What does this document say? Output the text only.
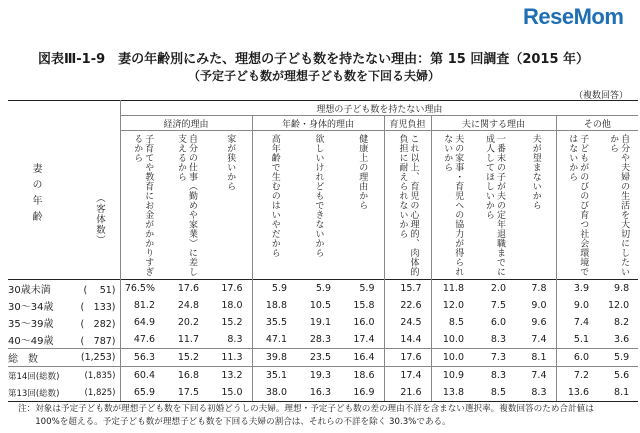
ReseMom
図表Ⅲ-1-9　妻の年齢別にみた、理想の子ども数を持たない理由：第 15 回調査（2015 年）
（予定子ども数が理想子ども数を下回る夫婦）
（複数回答）
妻の年齢 （客体数）		理想の子ども数を持たない理由											
		経済的理由			年齢・身体的理由			育児負担	夫に関する理由			その他	

		子育てや教育にお金がかかりすぎるから	自分の仕事（勤めや家業）に差し支えるから	家が狭いから	高年齢で生むのはいやだから	欲しいけれどもできないから	健康上の理由から	これ以上、育児の心理的、肉体的負担に耐えられないから	夫の家事・育児への協力が得られないから	一番末の子が夫の定年退職までに成人してほしいから	夫が望まないから	子どもがのびのび育つ社会環境ではないから	自分や夫婦の生活を大切にしたいから

30歳未満	(　 51)	76.5%	17.6	17.6	5.9	5.9	5.9	15.7	11.8	2.0	7.8	3.9	9.8
30～34歳	(　133)	81.2	24.8	18.0	18.8	10.5	15.8	22.6	12.0	7.5	9.0	9.0	12.0
35～39歳	(　282)	64.9	20.2	15.2	35.5	19.1	16.0	24.5	8.5	6.0	9.6	7.4	8.2
40～49歳	(　787)	47.6	11.7	8.3	47.1	28.3	17.4	14.4	10.0	8.3	7.4	5.1	3.6
総　数	(1,253)	56.3	15.2	11.3	39.8	23.5	16.4	17.6	10.0	7.3	8.1	6.0	5.9
第14回(総数)	(1,835)	60.4	16.8	13.2	35.1	19.3	18.6	17.4	10.9	8.3	7.4	7.2	5.6
第13回(総数)	(1,825)	65.9	17.5	15.0	38.0	16.3	16.9	21.6	13.8	8.5	8.3	13.6	8.1
注：対象は予定子ども数が理想子ども数を下回る初婚どうしの夫婦。理想・予定子ども数の差の理由不詳を含まない選択率。複数回答のため合計値は
　　100%を超える。予定子ども数が理想子ども数を下回る夫婦の割合は、それらの不詳を除く 30.3%である。
